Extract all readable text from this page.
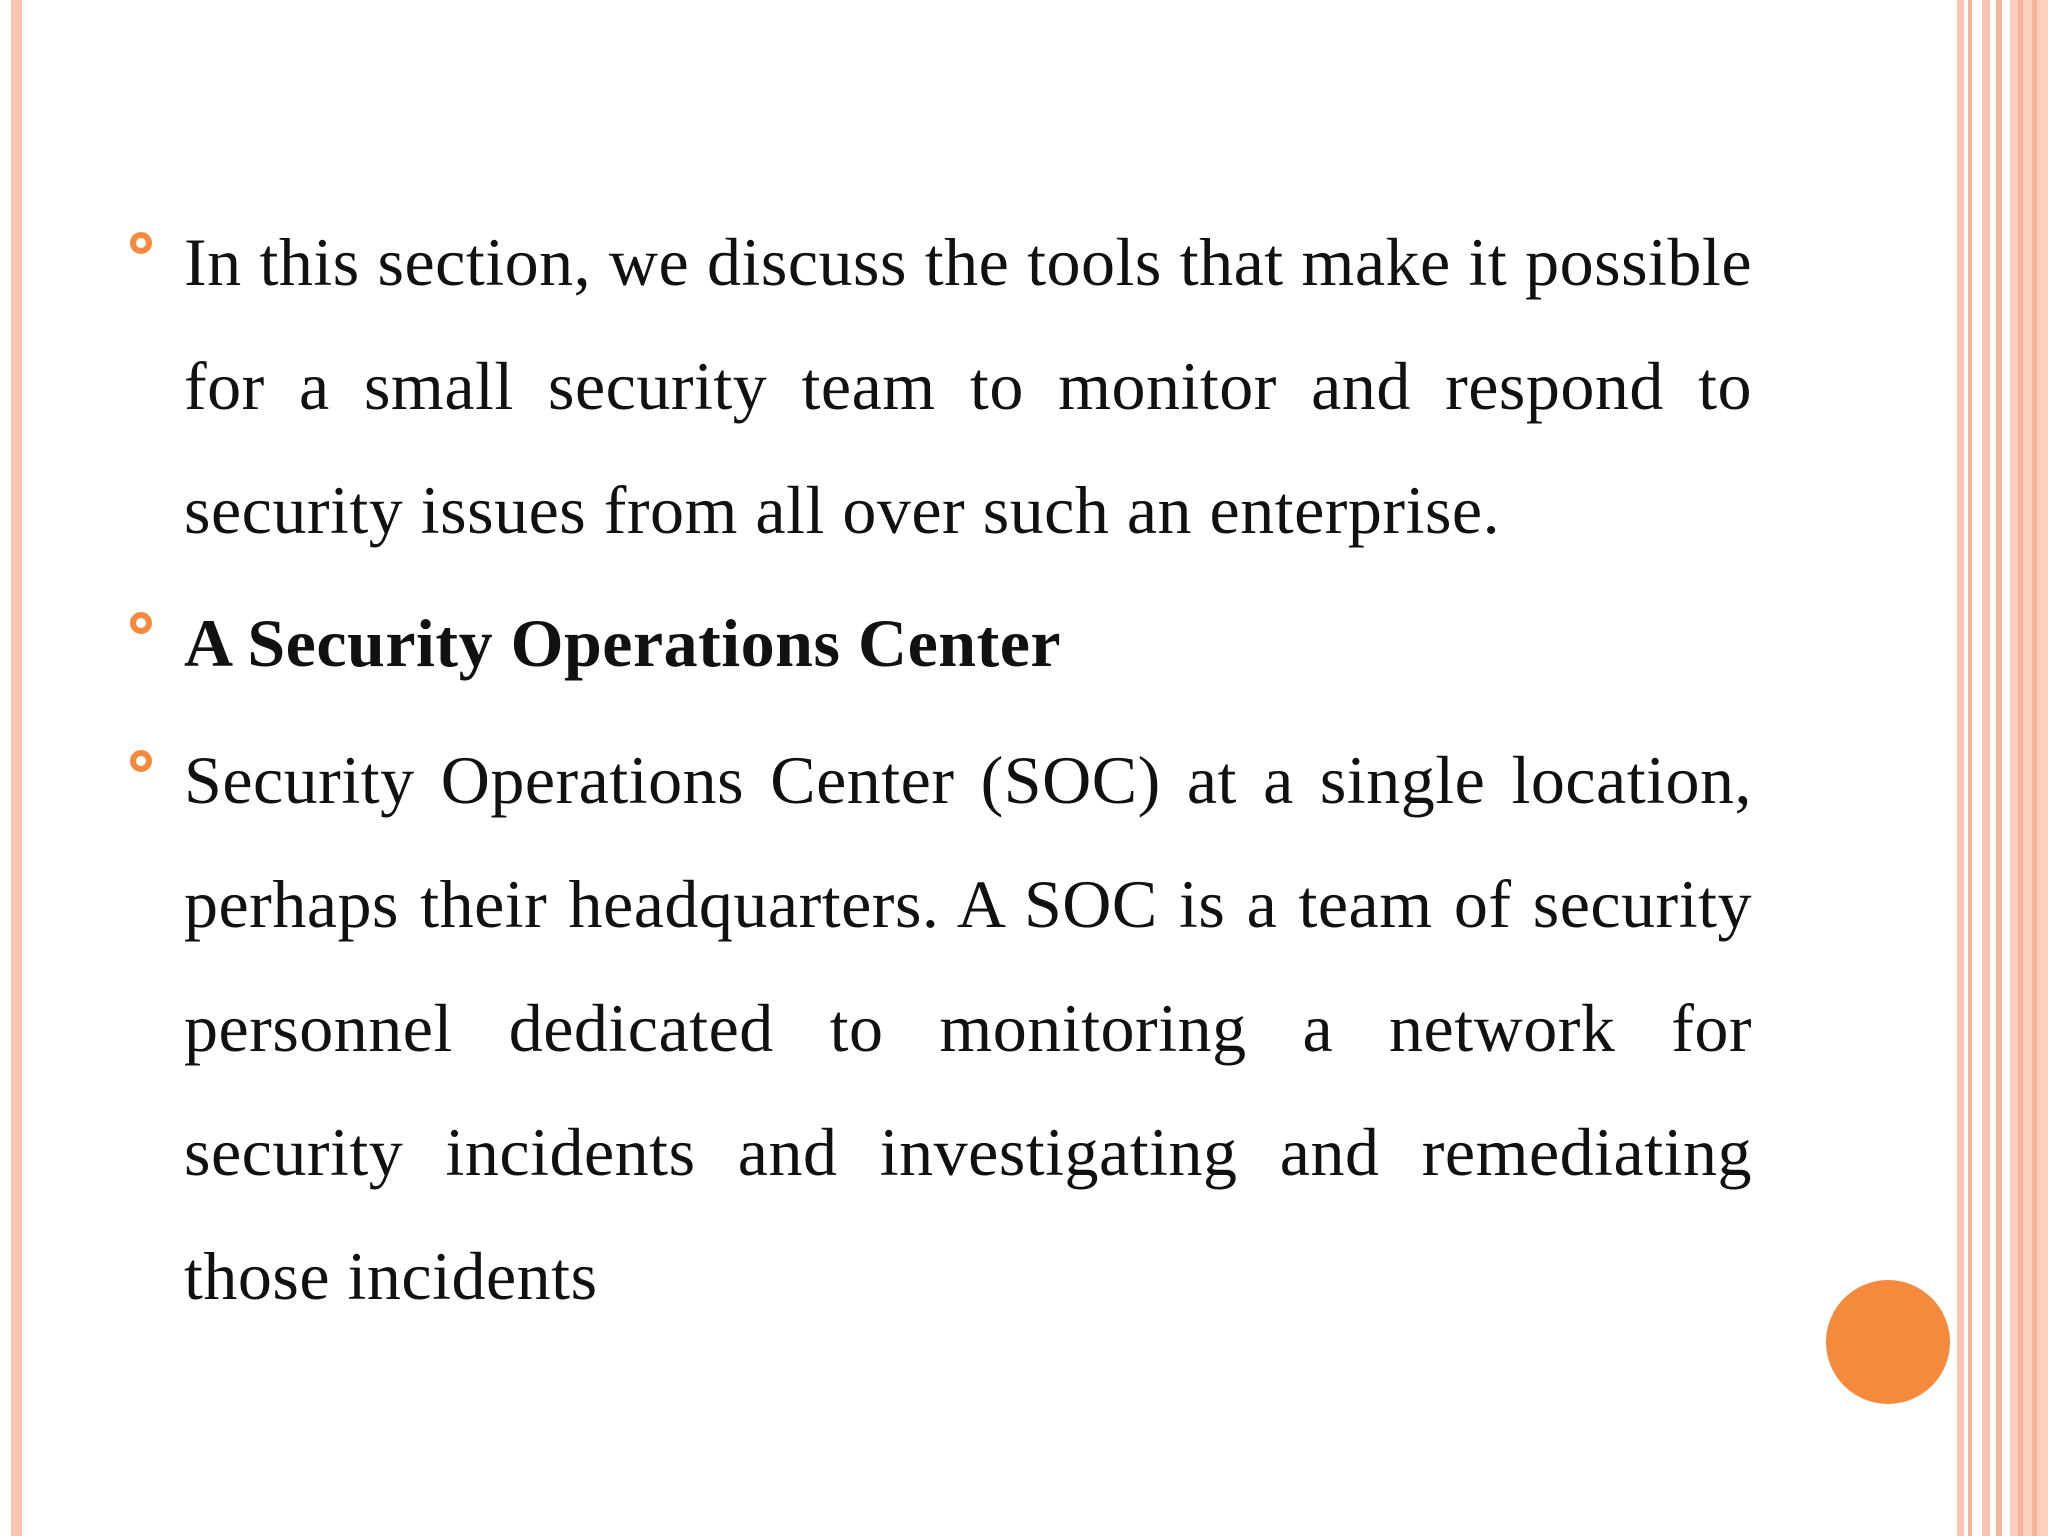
In this section, we discuss the tools that make it possible for a small security team to monitor and respond to security issues from all over such an enterprise.
A Security Operations Center
Security Operations Center (SOC) at a single location, perhaps their headquarters. A SOC is a team of security personnel dedicated to monitoring a network for security incidents and investigating and remediating those incidents
